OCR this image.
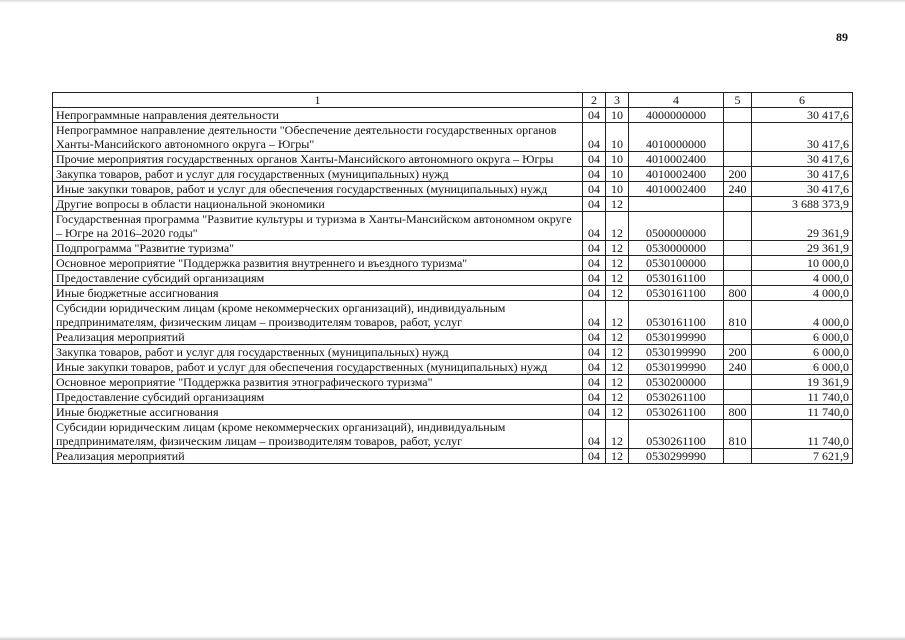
89
1	2	3	4	5	6
Непрограммные направления деятельности	04	10	4000000000		30 417,6
Непрограммное направление деятельности "Обеспечение деятельности государственных органов Ханты-Мансийского автономного округа – Югры"	04	10	4010000000		30 417,6
Прочие мероприятия государственных органов Ханты-Мансийского автономного округа – Югры	04	10	4010002400		30 417,6
Закупка товаров, работ и услуг для государственных (муниципальных) нужд	04	10	4010002400	200	30 417,6
Иные закупки товаров, работ и услуг для обеспечения государственных (муниципальных) нужд	04	10	4010002400	240	30 417,6
Другие вопросы в области национальной экономики	04	12			3 688 373,9
Государственная программа "Развитие культуры и туризма в Ханты-Мансийском автономном округе – Югре на 2016–2020 годы"	04	12	0500000000		29 361,9
Подпрограмма "Развитие туризма"	04	12	0530000000		29 361,9
Основное мероприятие "Поддержка развития внутреннего и въездного туризма"	04	12	0530100000		10 000,0
Предоставление субсидий организациям	04	12	0530161100		4 000,0
Иные бюджетные ассигнования	04	12	0530161100	800	4 000,0
Субсидии юридическим лицам (кроме некоммерческих организаций), индивидуальным предпринимателям, физическим лицам – производителям товаров, работ, услуг	04	12	0530161100	810	4 000,0
Реализация мероприятий	04	12	0530199990		6 000,0
Закупка товаров, работ и услуг для государственных (муниципальных) нужд	04	12	0530199990	200	6 000,0
Иные закупки товаров, работ и услуг для обеспечения государственных (муниципальных) нужд	04	12	0530199990	240	6 000,0
Основное мероприятие "Поддержка развития этнографического туризма"	04	12	0530200000		19 361,9
Предоставление субсидий организациям	04	12	0530261100		11 740,0
Иные бюджетные ассигнования	04	12	0530261100	800	11 740,0
Субсидии юридическим лицам (кроме некоммерческих организаций), индивидуальным предпринимателям, физическим лицам – производителям товаров, работ, услуг	04	12	0530261100	810	11 740,0
Реализация мероприятий	04	12	0530299990		7 621,9
